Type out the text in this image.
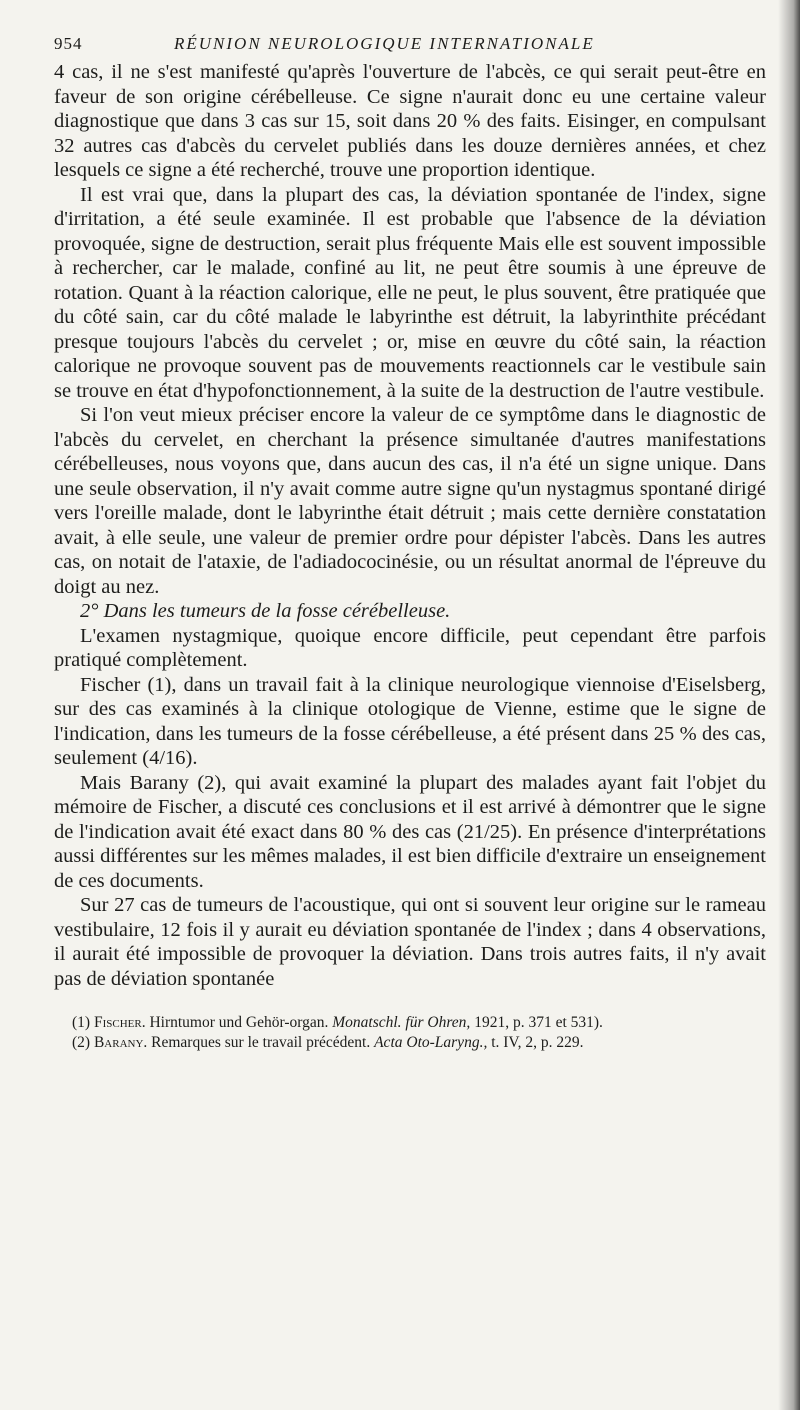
954	RÉUNION NEUROLOGIQUE INTERNATIONALE

4 cas, il ne s'est manifesté qu'après l'ouverture de l'abcès, ce qui serait peut-être en faveur de son origine cérébelleuse. Ce signe n'aurait donc eu une certaine valeur diagnostique que dans 3 cas sur 15, soit dans 20 % des faits. Eisinger, en compulsant 32 autres cas d'abcès du cervelet publiés dans les douze dernières années, et chez lesquels ce signe a été recherché, trouve une proportion identique.

Il est vrai que, dans la plupart des cas, la déviation spontanée de l'index, signe d'irritation, a été seule examinée. Il est probable que l'absence de la déviation provoquée, signe de destruction, serait plus fréquente Mais elle est souvent impossible à rechercher, car le malade, confiné au lit, ne peut être soumis à une épreuve de rotation. Quant à la réaction calorique, elle ne peut, le plus souvent, être pratiquée que du côté sain, car du côté malade le labyrinthe est détruit, la labyrinthite précédant presque toujours l'abcès du cervelet ; or, mise en œuvre du côté sain, la réaction calorique ne provoque souvent pas de mouvements reactionnels car le vestibule sain se trouve en état d'hypofonctionnement, à la suite de la destruction de l'autre vestibule.

Si l'on veut mieux préciser encore la valeur de ce symptôme dans le diagnostic de l'abcès du cervelet, en cherchant la présence simultanée d'autres manifestations cérébelleuses, nous voyons que, dans aucun des cas, il n'a été un signe unique. Dans une seule observation, il n'y avait comme autre signe qu'un nystagmus spontané dirigé vers l'oreille malade, dont le labyrinthe était détruit ; mais cette dernière constatation avait, à elle seule, une valeur de premier ordre pour dépister l'abcès. Dans les autres cas, on notait de l'ataxie, de l'adiadococinésie, ou un résultat anormal de l'épreuve du doigt au nez.

2° Dans les tumeurs de la fosse cérébelleuse.

L'examen nystagmique, quoique encore difficile, peut cependant être parfois pratiqué complètement.

Fischer (1), dans un travail fait à la clinique neurologique viennoise d'Eiselsberg, sur des cas examinés à la clinique otologique de Vienne, estime que le signe de l'indication, dans les tumeurs de la fosse cérébelleuse, a été présent dans 25 % des cas, seulement (4/16).

Mais Barany (2), qui avait examiné la plupart des malades ayant fait l'objet du mémoire de Fischer, a discuté ces conclusions et il est arrivé à démontrer que le signe de l'indication avait été exact dans 80 % des cas (21/25). En présence d'interprétations aussi différentes sur les mêmes malades, il est bien difficile d'extraire un enseignement de ces documents.

Sur 27 cas de tumeurs de l'acoustique, qui ont si souvent leur origine sur le rameau vestibulaire, 12 fois il y aurait eu déviation spontanée de l'index ; dans 4 observations, il aurait été impossible de provoquer la déviation. Dans trois autres faits, il n'y avait pas de déviation spontanée

(1) Fischer. Hirntumor und Gehör-organ. Monatschl. für Ohren, 1921, p. 371 et 531).

(2) Barany. Remarques sur le travail précédent. Acta Oto-Laryng., t. IV, 2, p. 229.
